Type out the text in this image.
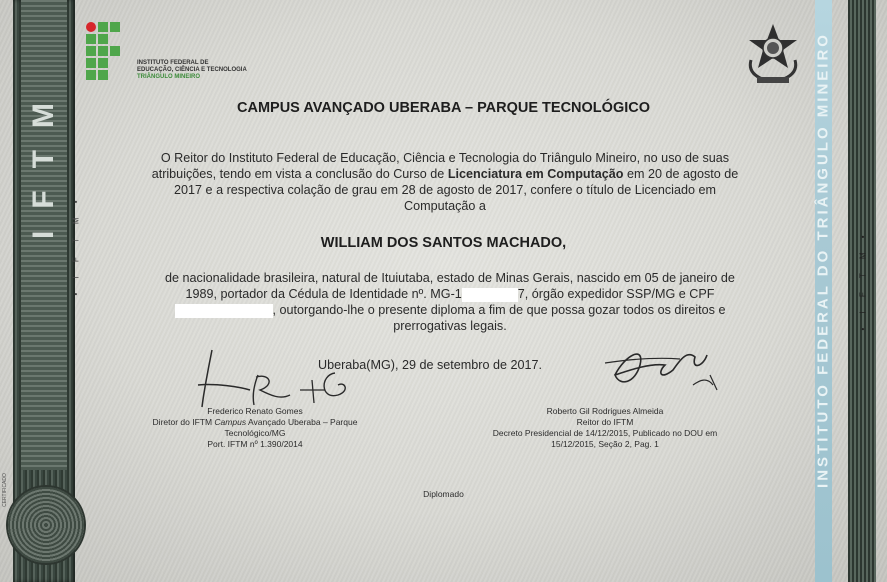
IFTM
• I F T M •
CERTIFICADO
INSTITUTO FEDERAL DO TRIÂNGULO MINEIRO	• I F T M •
INSTITUTO FEDERAL DE
EDUCAÇÃO, CIÊNCIA E TECNOLOGIA
TRIÂNGULO MINEIRO
CAMPUS AVANÇADO UBERABA – PARQUE TECNOLÓGICO
O Reitor do Instituto Federal de Educação, Ciência e Tecnologia do Triângulo Mineiro, no uso de suas
atribuições, tendo em vista a conclusão do Curso de Licenciatura em Computação em 20 de agosto de
2017 e a respectiva colação de grau em 28 de agosto de 2017, confere o título de Licenciado em
Computação a
WILLIAM DOS SANTOS MACHADO,
de nacionalidade brasileira, natural de Ituiutaba, estado de Minas Gerais, nascido em 05 de janeiro de
1989, portador da Cédula de Identidade nº. MG-1	7, órgão expedidor SSP/MG e CPF
, outorgando-lhe o presente diploma a fim de que possa gozar todos os direitos e
prerrogativas legais.
Uberaba(MG), 29 de setembro de 2017.
Frederico Renato Gomes
Diretor do IFTM Campus Avançado Uberaba – Parque
Tecnológico/MG
Port. IFTM nº 1.390/2014
Roberto Gil Rodrigues Almeida
Reitor do IFTM
Decreto Presidencial de 14/12/2015, Publicado no DOU em
15/12/2015, Seção 2, Pag. 1
Diplomado
